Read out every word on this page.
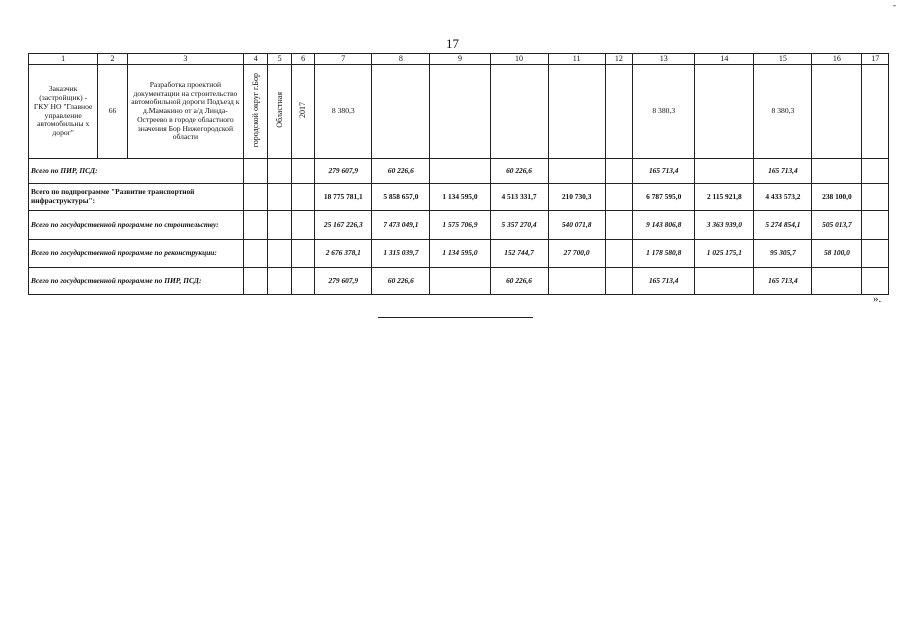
-
17
1	2	3	4	5	6	7	8	9	10	11	12	13	14	15	16	17
Заказчик (застройщик) - ГКУ НО "Главное управление автомобильны х дорог"	66	Разработка проектной документации на строительство автомобильной дороги Подъезд к д.Мамакино от а/д Линда-Остреево в городе областного значения Бор Нижегородской области	городской округ г.Бор	Областная	2017	8 380,3						8 380,3		8 380,3		
Всего по ПИР, ПСД:						279 607,9	60 226,6		60 226,6			165 713,4		165 713,4		
Всего по подпрограмме "Развитие транспортной инфраструктуры":						18 775 781,1	5 858 657,0	1 134 595,0	4 513 331,7	210 730,3		6 787 595,0	2 115 921,8	4 433 573,2	238 100,0	
Всего по государственной программе по строительству:						25 167 226,3	7 473 049,1	1 575 706,9	5 357 270,4	540 071,8		9 143 806,8	3 363 939,0	5 274 854,1	505 013,7	
Всего по государственной программе по реконструкции:						2 676 378,1	1 315 039,7	1 134 595,0	152 744,7	27 700,0		1 178 580,8	1 025 175,1	95 305,7	58 100,0	
Всего по государственной программе по ПИР, ПСД:						279 607,9	60 226,6		60 226,6			165 713,4		165 713,4		
».
